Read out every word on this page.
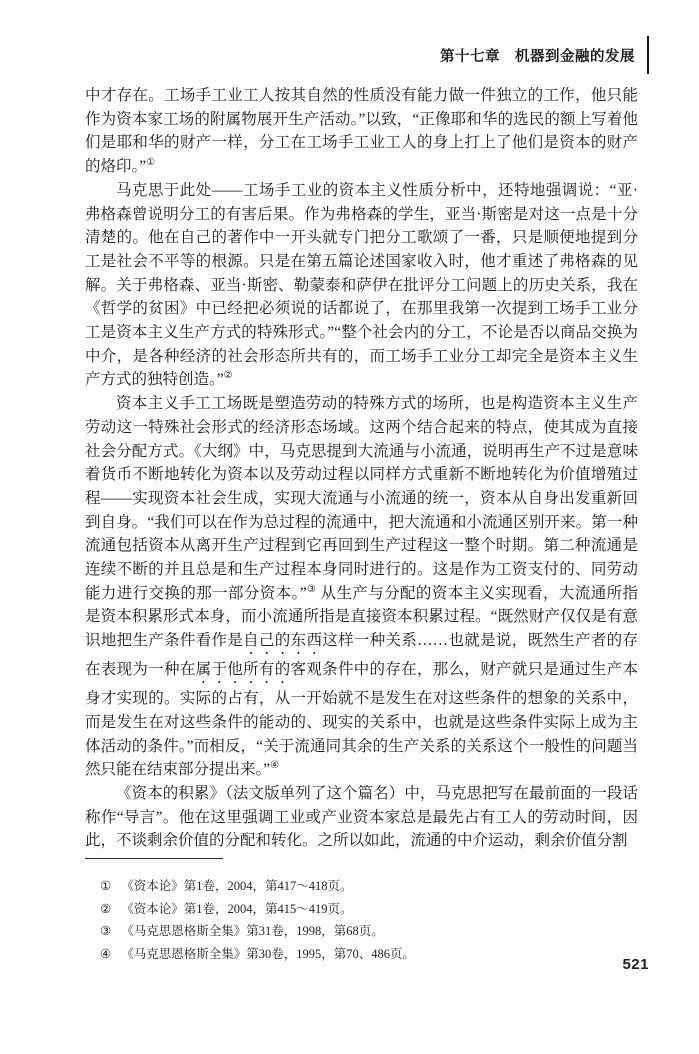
第十七章　机器到金融的发展

中才存在。工场手工业工人按其自然的性质没有能力做一件独立的工作，他只能作为资本家工场的附属物展开生产活动。”以致，“正像耶和华的选民的额上写着他们是耶和华的财产一样，分工在工场手工业工人的身上打上了他们是资本的财产的烙印。”①

马克思于此处——工场手工业的资本主义性质分析中，还特地强调说：“亚·弗格森曾说明分工的有害后果。作为弗格森的学生，亚当·斯密是对这一点是十分清楚的。他在自己的著作中一开头就专门把分工歌颂了一番，只是顺便地提到分工是社会不平等的根源。只是在第五篇论述国家收入时，他才重述了弗格森的见解。关于弗格森、亚当·斯密、勒蒙泰和萨伊在批评分工问题上的历史关系，我在《哲学的贫困》中已经把必须说的话都说了，在那里我第一次提到工场手工业分工是资本主义生产方式的特殊形式。”“整个社会内的分工，不论是否以商品交换为中介，是各种经济的社会形态所共有的，而工场手工业分工却完全是资本主义生产方式的独特创造。”②

资本主义手工工场既是塑造劳动的特殊方式的场所，也是构造资本主义生产劳动这一特殊社会形式的经济形态场域。这两个结合起来的特点，使其成为直接社会分配方式。《大纲》中，马克思提到大流通与小流通，说明再生产不过是意味着货币不断地转化为资本以及劳动过程以同样方式重新不断地转化为价值增殖过程——实现资本社会生成，实现大流通与小流通的统一，资本从自身出发重新回到自身。“我们可以在作为总过程的流通中，把大流通和小流通区别开来。第一种流通包括资本从离开生产过程到它再回到生产过程这一整个时期。第二种流通是连续不断的并且总是和生产过程本身同时进行的。这是作为工资支付的、同劳动能力进行交换的那一部分资本。”③ 从生产与分配的资本主义实现看，大流通所指是资本积累形式本身，而小流通所指是直接资本积累过程。“既然财产仅仅是有意识地把生产条件看作是自己的东西这样一种关系……也就是说，既然生产者的存在表现为一种在属于他所有的客观条件中的存在，那么，财产就只是通过生产本身才实现的。实际的占有，从一开始就不是发生在对这些条件的想象的关系中，而是发生在对这些条件的能动的、现实的关系中，也就是这些条件实际上成为主体活动的条件。”而相反，“关于流通同其余的生产关系的关系这个一般性的问题当然只能在结束部分提出来。”④

《资本的积累》（法文版单列了这个篇名）中，马克思把写在最前面的一段话称作“导言”。他在这里强调工业或产业资本家总是最先占有工人的劳动时间，因此，不谈剩余价值的分配和转化。之所以如此，流通的中介运动，剩余价值分割

① 《资本论》第1卷，2004，第417～418页。
② 《资本论》第1卷，2004，第415～419页。
③ 《马克思恩格斯全集》第31卷，1998，第68页。
④ 《马克思恩格斯全集》第30卷，1995，第70、486页。
521
